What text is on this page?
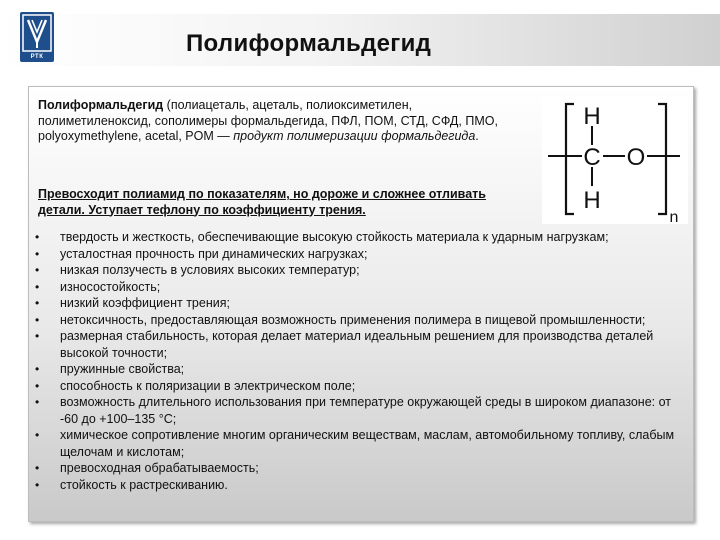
РТК	Полиформальдегид
Полиформальдегид (полиацеталь, ацеталь, полиоксиметилен, полиметиленоксид, сополимеры формальдегида, ПФЛ, ПОМ, СТД, СФД, ПМО, polyoxymethylene, acetal, POM — продукт полимеризации формальдегида.
Превосходит полиамид по показателям, но дороже и сложнее отливать детали. Уступает тефлону по коэффициенту трения.
H
C O
H
n
• твердость и жесткость, обеспечивающие высокую стойкость материала к ударным нагрузкам;
• усталостная прочность при динамических нагрузках;
• низкая ползучесть в условиях высоких температур;
• износостойкость;
• низкий коэффициент трения;
• нетоксичность, предоставляющая возможность применения полимера в пищевой промышленности;
• размерная стабильность, которая делает материал идеальным решением для производства деталей высокой точности;
• пружинные свойства;
• способность к поляризации в электрическом поле;
• возможность длительного использования при температуре окружающей среды в широком диапазоне: от -60 до +100–135 °С;
• химическое сопротивление многим органическим веществам, маслам, автомобильному топливу, слабым щелочам и кислотам;
• превосходная обрабатываемость;
• стойкость к растрескиванию.
